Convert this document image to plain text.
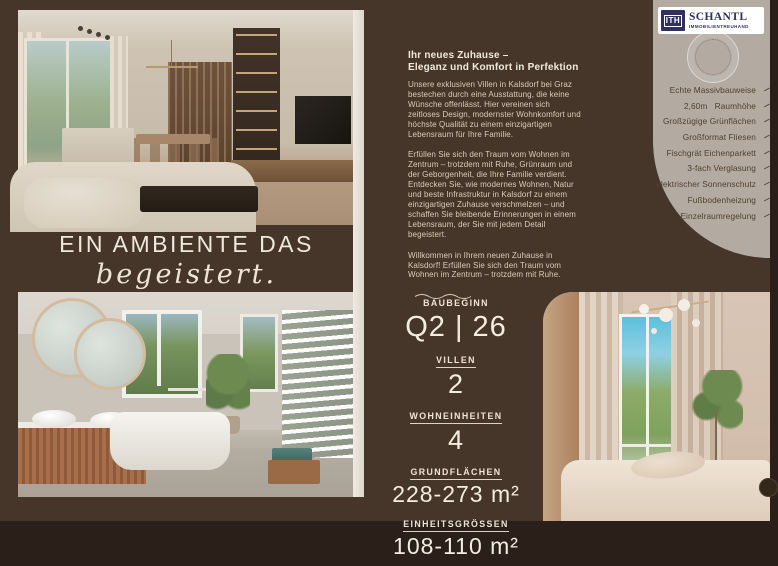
EIN AMBIENTE DAS
begeistert.
Ihr neues Zuhause –
Eleganz und Komfort in Perfektion

Unsere exklusiven Villen in Kalsdorf bei Graz bestechen durch eine Ausstattung, die keine Wünsche offenlässt. Hier vereinen sich zeitloses Design, modernster Wohnkomfort und höchste Qualität zu einem einzigartigen Lebensraum für Ihre Familie.

Erfüllen Sie sich den Traum vom Wohnen im Zentrum – trotzdem mit Ruhe, Grünraum und der Geborgenheit, die Ihre Familie verdient. Entdecken Sie, wie modernes Wohnen, Natur und beste Infrastruktur in Kalsdorf zu einem einzigartigen Zuhause verschmelzen – und schaffen Sie bleibende Erinnerungen in einem Lebensraum, der Sie mit jedem Detail begeistert.

Willkommen in Ihrem neuen Zuhause in Kalsdorf! Erfüllen Sie sich den Traum vom Wohnen im Zentrum – trotzdem mit Ruhe.

BAUBEGINN
Q2 | 26
VILLEN
2
WOHNEINHEITEN
4
GRUNDFLÄCHEN
228-273 m²
EINHEITSGRÖSSEN
108-110 m²
ITH SCHANTL
IMMOBILIENTREUHAND
Echte Massivbauweise
2,60m   Raumhöhe
Großzügige Grünflächen
Großformat Fliesen
Fischgrät Eichenparkett
3-fach Verglasung
elektrischer Sonnenschutz
Fußbodenheizung
Einzelraumregelung
